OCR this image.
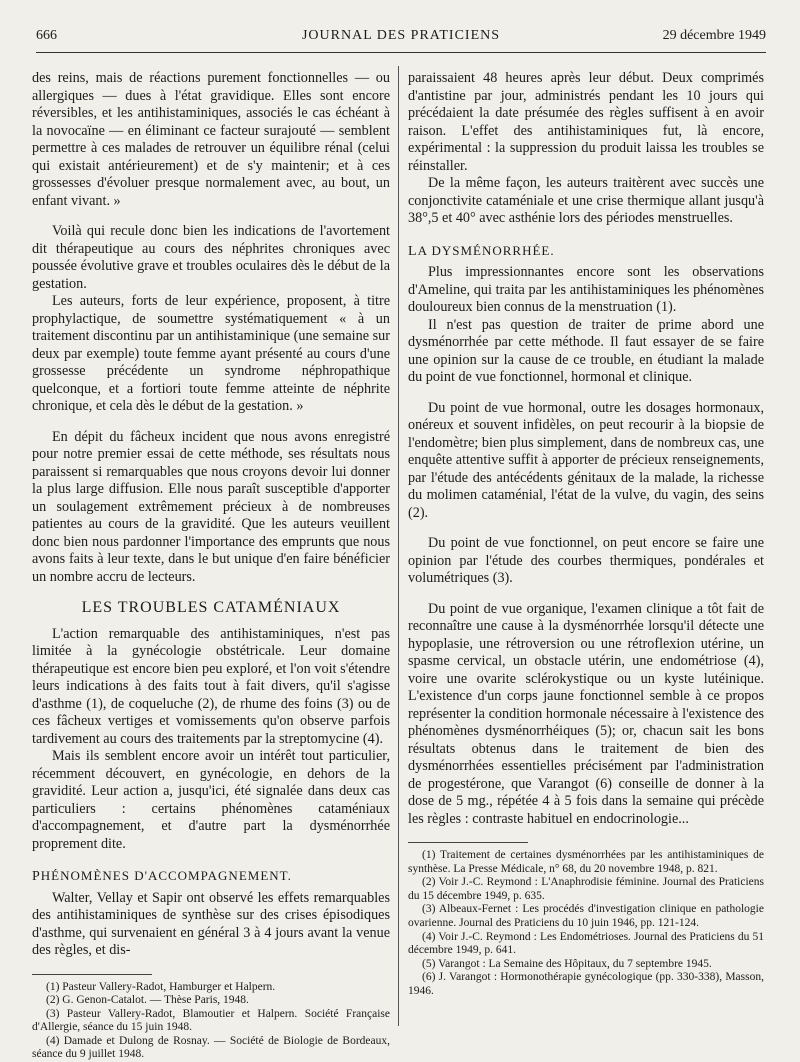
666	JOURNAL DES PRATICIENS	29 décembre 1949

des reins, mais de réactions purement fonctionnelles — ou allergiques — dues à l'état gravidique. Elles sont encore réversibles, et les antihistaminiques, associés le cas échéant à la novocaïne — en éliminant ce facteur surajouté — semblent permettre à ces malades de retrouver un équilibre rénal (celui qui existait antérieurement) et de s'y maintenir; et à ces grossesses d'évoluer presque normalement avec, au bout, un enfant vivant. »

Voilà qui recule donc bien les indications de l'avortement dit thérapeutique au cours des néphrites chroniques avec poussée évolutive grave et troubles oculaires dès le début de la gestation.

Les auteurs, forts de leur expérience, proposent, à titre prophylactique, de soumettre systématiquement « à un traitement discontinu par un antihistaminique (une semaine sur deux par exemple) toute femme ayant présenté au cours d'une grossesse précédente un syndrome néphropathique quelconque, et a fortiori toute femme atteinte de néphrite chronique, et cela dès le début de la gestation. »

En dépit du fâcheux incident que nous avons enregistré pour notre premier essai de cette méthode, ses résultats nous paraissent si remarquables que nous croyons devoir lui donner la plus large diffusion. Elle nous paraît susceptible d'apporter un soulagement extrêmement précieux à de nombreuses patientes au cours de la gravidité. Que les auteurs veuillent donc bien nous pardonner l'importance des emprunts que nous avons faits à leur texte, dans le but unique d'en faire bénéficier un nombre accru de lecteurs.

LES TROUBLES CATAMÉNIAUX

L'action remarquable des antihistaminiques, n'est pas limitée à la gynécologie obstétricale. Leur domaine thérapeutique est encore bien peu exploré, et l'on voit s'étendre leurs indications à des faits tout à fait divers, qu'il s'agisse d'asthme (1), de coqueluche (2), de rhume des foins (3) ou de ces fâcheux vertiges et vomissements qu'on observe parfois tardivement au cours des traitements par la streptomycine (4).

Mais ils semblent encore avoir un intérêt tout particulier, récemment découvert, en gynécologie, en dehors de la gravidité. Leur action a, jusqu'ici, été signalée dans deux cas particuliers : certains phénomènes cataméniaux d'accompagnement, et d'autre part la dysménorrhée proprement dite.

PHÉNOMÈNES D'ACCOMPAGNEMENT.

Walter, Vellay et Sapir ont observé les effets remarquables des antihistaminiques de synthèse sur des crises épisodiques d'asthme, qui survenaient en général 3 à 4 jours avant la venue des règles, et dis-

(1) Pasteur Vallery-Radot, Hamburger et Halpern.
(2) G. Genon-Catalot. — Thèse Paris, 1948.
(3) Pasteur Vallery-Radot, Blamoutier et Halpern. Société Française d'Allergie, séance du 15 juin 1948.
(4) Damade et Dulong de Rosnay. — Société de Biologie de Bordeaux, séance du 9 juillet 1948.

paraissaient 48 heures après leur début. Deux comprimés d'antistine par jour, administrés pendant les 10 jours qui précédaient la date présumée des règles suffisent à en avoir raison. L'effet des antihistaminiques fut, là encore, expérimental : la suppression du produit laissa les troubles se réinstaller.

De la même façon, les auteurs traitèrent avec succès une conjonctivite cataméniale et une crise thermique allant jusqu'à 38°,5 et 40° avec asthénie lors des périodes menstruelles.

LA DYSMÉNORRHÉE.

Plus impressionnantes encore sont les observations d'Ameline, qui traita par les antihistaminiques les phénomènes douloureux bien connus de la menstruation (1).

Il n'est pas question de traiter de prime abord une dysménorrhée par cette méthode. Il faut essayer de se faire une opinion sur la cause de ce trouble, en étudiant la malade du point de vue fonctionnel, hormonal et clinique.

Du point de vue hormonal, outre les dosages hormonaux, onéreux et souvent infidèles, on peut recourir à la biopsie de l'endomètre; bien plus simplement, dans de nombreux cas, une enquête attentive suffit à apporter de précieux renseignements, par l'étude des antécédents génitaux de la malade, la richesse du molimen cataménial, l'état de la vulve, du vagin, des seins (2).

Du point de vue fonctionnel, on peut encore se faire une opinion par l'étude des courbes thermiques, pondérales et volumétriques (3).

Du point de vue organique, l'examen clinique a tôt fait de reconnaître une cause à la dysménorrhée lorsqu'il détecte une hypoplasie, une rétroversion ou une rétroflexion utérine, un spasme cervical, un obstacle utérin, une endométriose (4), voire une ovarite sclérokystique ou un kyste lutéinique. L'existence d'un corps jaune fonctionnel semble à ce propos représenter la condition hormonale nécessaire à l'existence des phénomènes dysménorrhéiques (5); or, chacun sait les bons résultats obtenus dans le traitement de bien des dysménorrhées essentielles précisément par l'administration de progestérone, que Varangot (6) conseille de donner à la dose de 5 mg., répétée 4 à 5 fois dans la semaine qui précède les règles : contraste habituel en endocrinologie...

(1) Traitement de certaines dysménorrhées par les antihistaminiques de synthèse. La Presse Médicale, n° 68, du 20 novembre 1948, p. 821.
(2) Voir J.-C. Reymond : L'Anaphrodisie féminine. Journal des Praticiens du 15 décembre 1949, p. 635.
(3) Albeaux-Fernet : Les procédés d'investigation clinique en pathologie ovarienne. Journal des Praticiens du 10 juin 1946, pp. 121-124.
(4) Voir J.-C. Reymond : Les Endométrioses. Journal des Praticiens du 51 décembre 1949, p. 641.
(5) Varangot : La Semaine des Hôpitaux, du 7 septembre 1945.
(6) J. Varangot : Hormonothérapie gynécologique (pp. 330-338), Masson, 1946.
